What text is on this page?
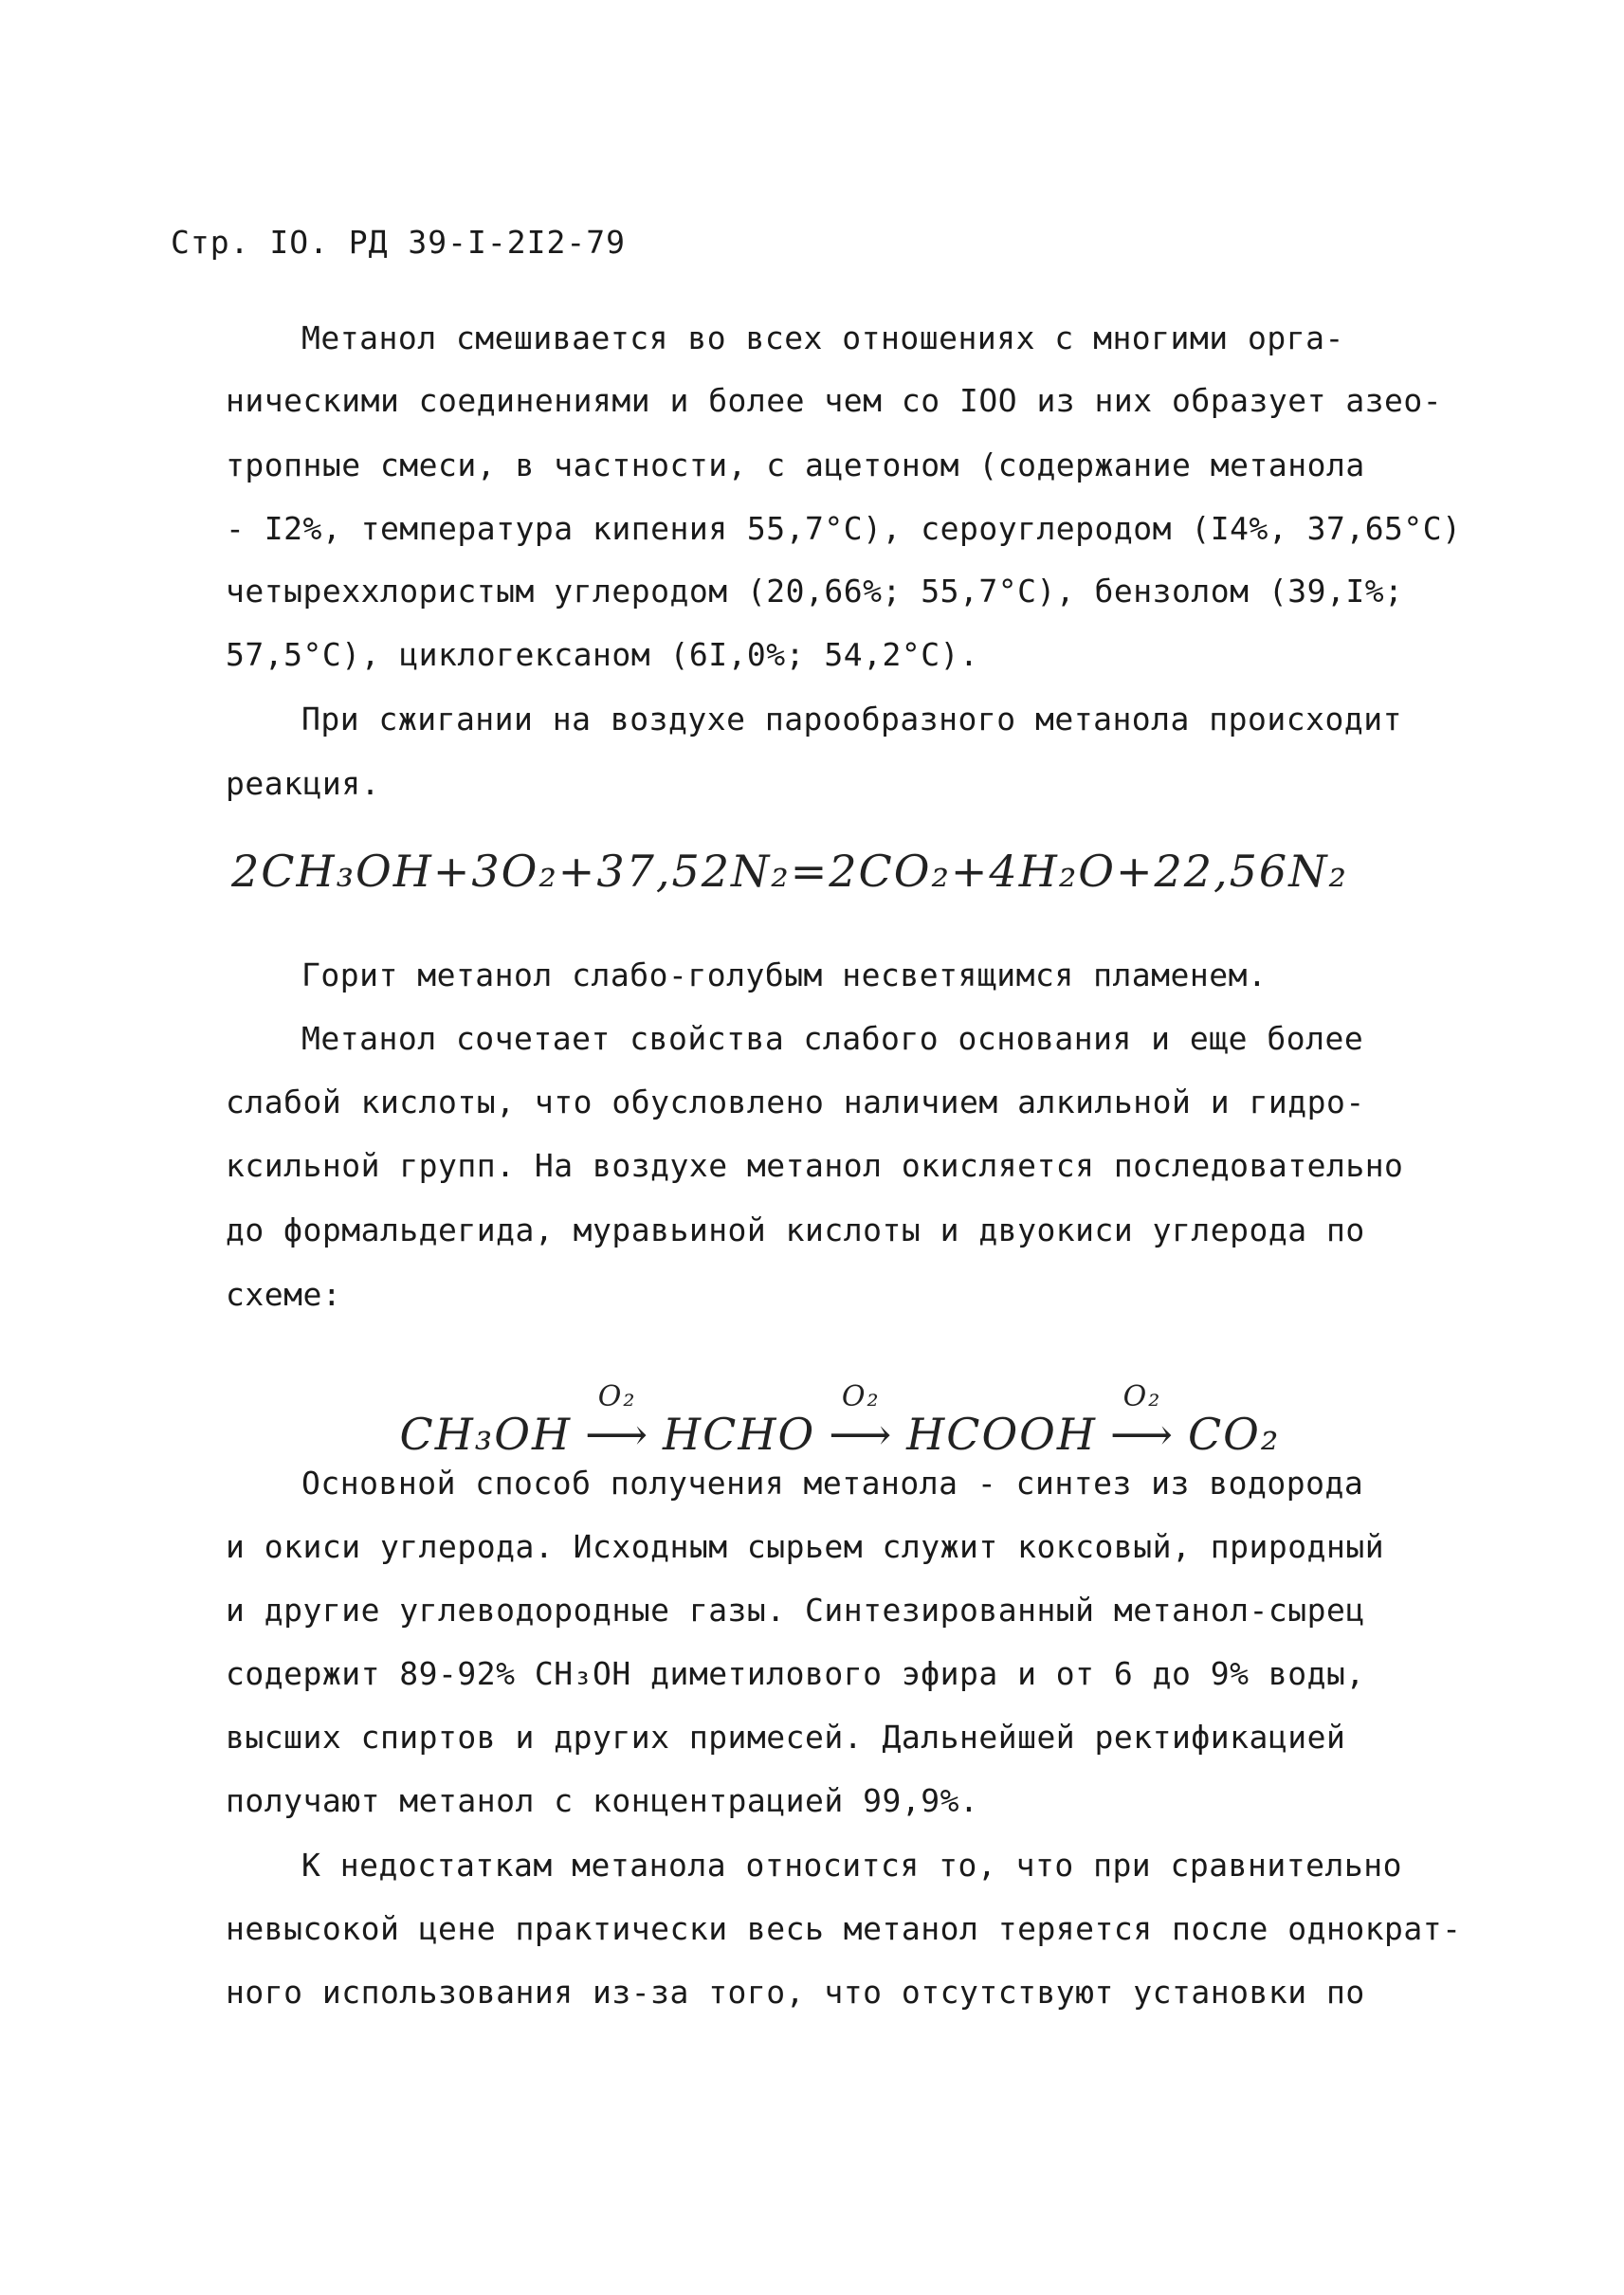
Стр. IO. РД 39-I-2I2-79
Метанол смешивается во всех отношениях с многими орга-
ническими соединениями и более чем со IOO из них образует азео-
тропные смеси, в частности, с ацетоном (содержание метанола
- I2%, температура кипения 55,7°C), сероуглеродом (I4%, 37,65°C)
четыреххлористым углеродом (20,66%; 55,7°C), бензолом (39,I%;
57,5°C), циклогексаном (6I,0%; 54,2°C).
При сжигании на воздухе парообразного метанола происходит
реакция.
2CH₃OH+3O₂+37,52N₂=2CO₂+4H₂O+22,56N₂
Горит метанол слабо-голубым несветящимся пламенем.
Метанол сочетает свойства слабого основания и еще более
слабой кислоты, что обусловлено наличием алкильной и гидро-
ксильной групп. На воздухе метанол окисляется последовательно
до формальдегида, муравьиной кислоты и двуокиси углерода по
схеме:

CH₃OH
O₂
⟶ HCHO
O₂
⟶ HCOOH
O₂
⟶ CO₂

Основной способ получения метанола - синтез из водорода
и окиси углерода. Исходным сырьем служит коксовый, природный
и другие углеводородные газы. Синтезированный метанол-сырец
содержит 89-92% CH₃OH диметилового эфира и от 6 до 9% воды,
высших спиртов и других примесей. Дальнейшей ректификацией
получают метанол с концентрацией 99,9%.
К недостаткам метанола относится то, что при сравнительно
невысокой цене практически весь метанол теряется после однократ-
ного использования из-за того, что отсутствуют установки по
